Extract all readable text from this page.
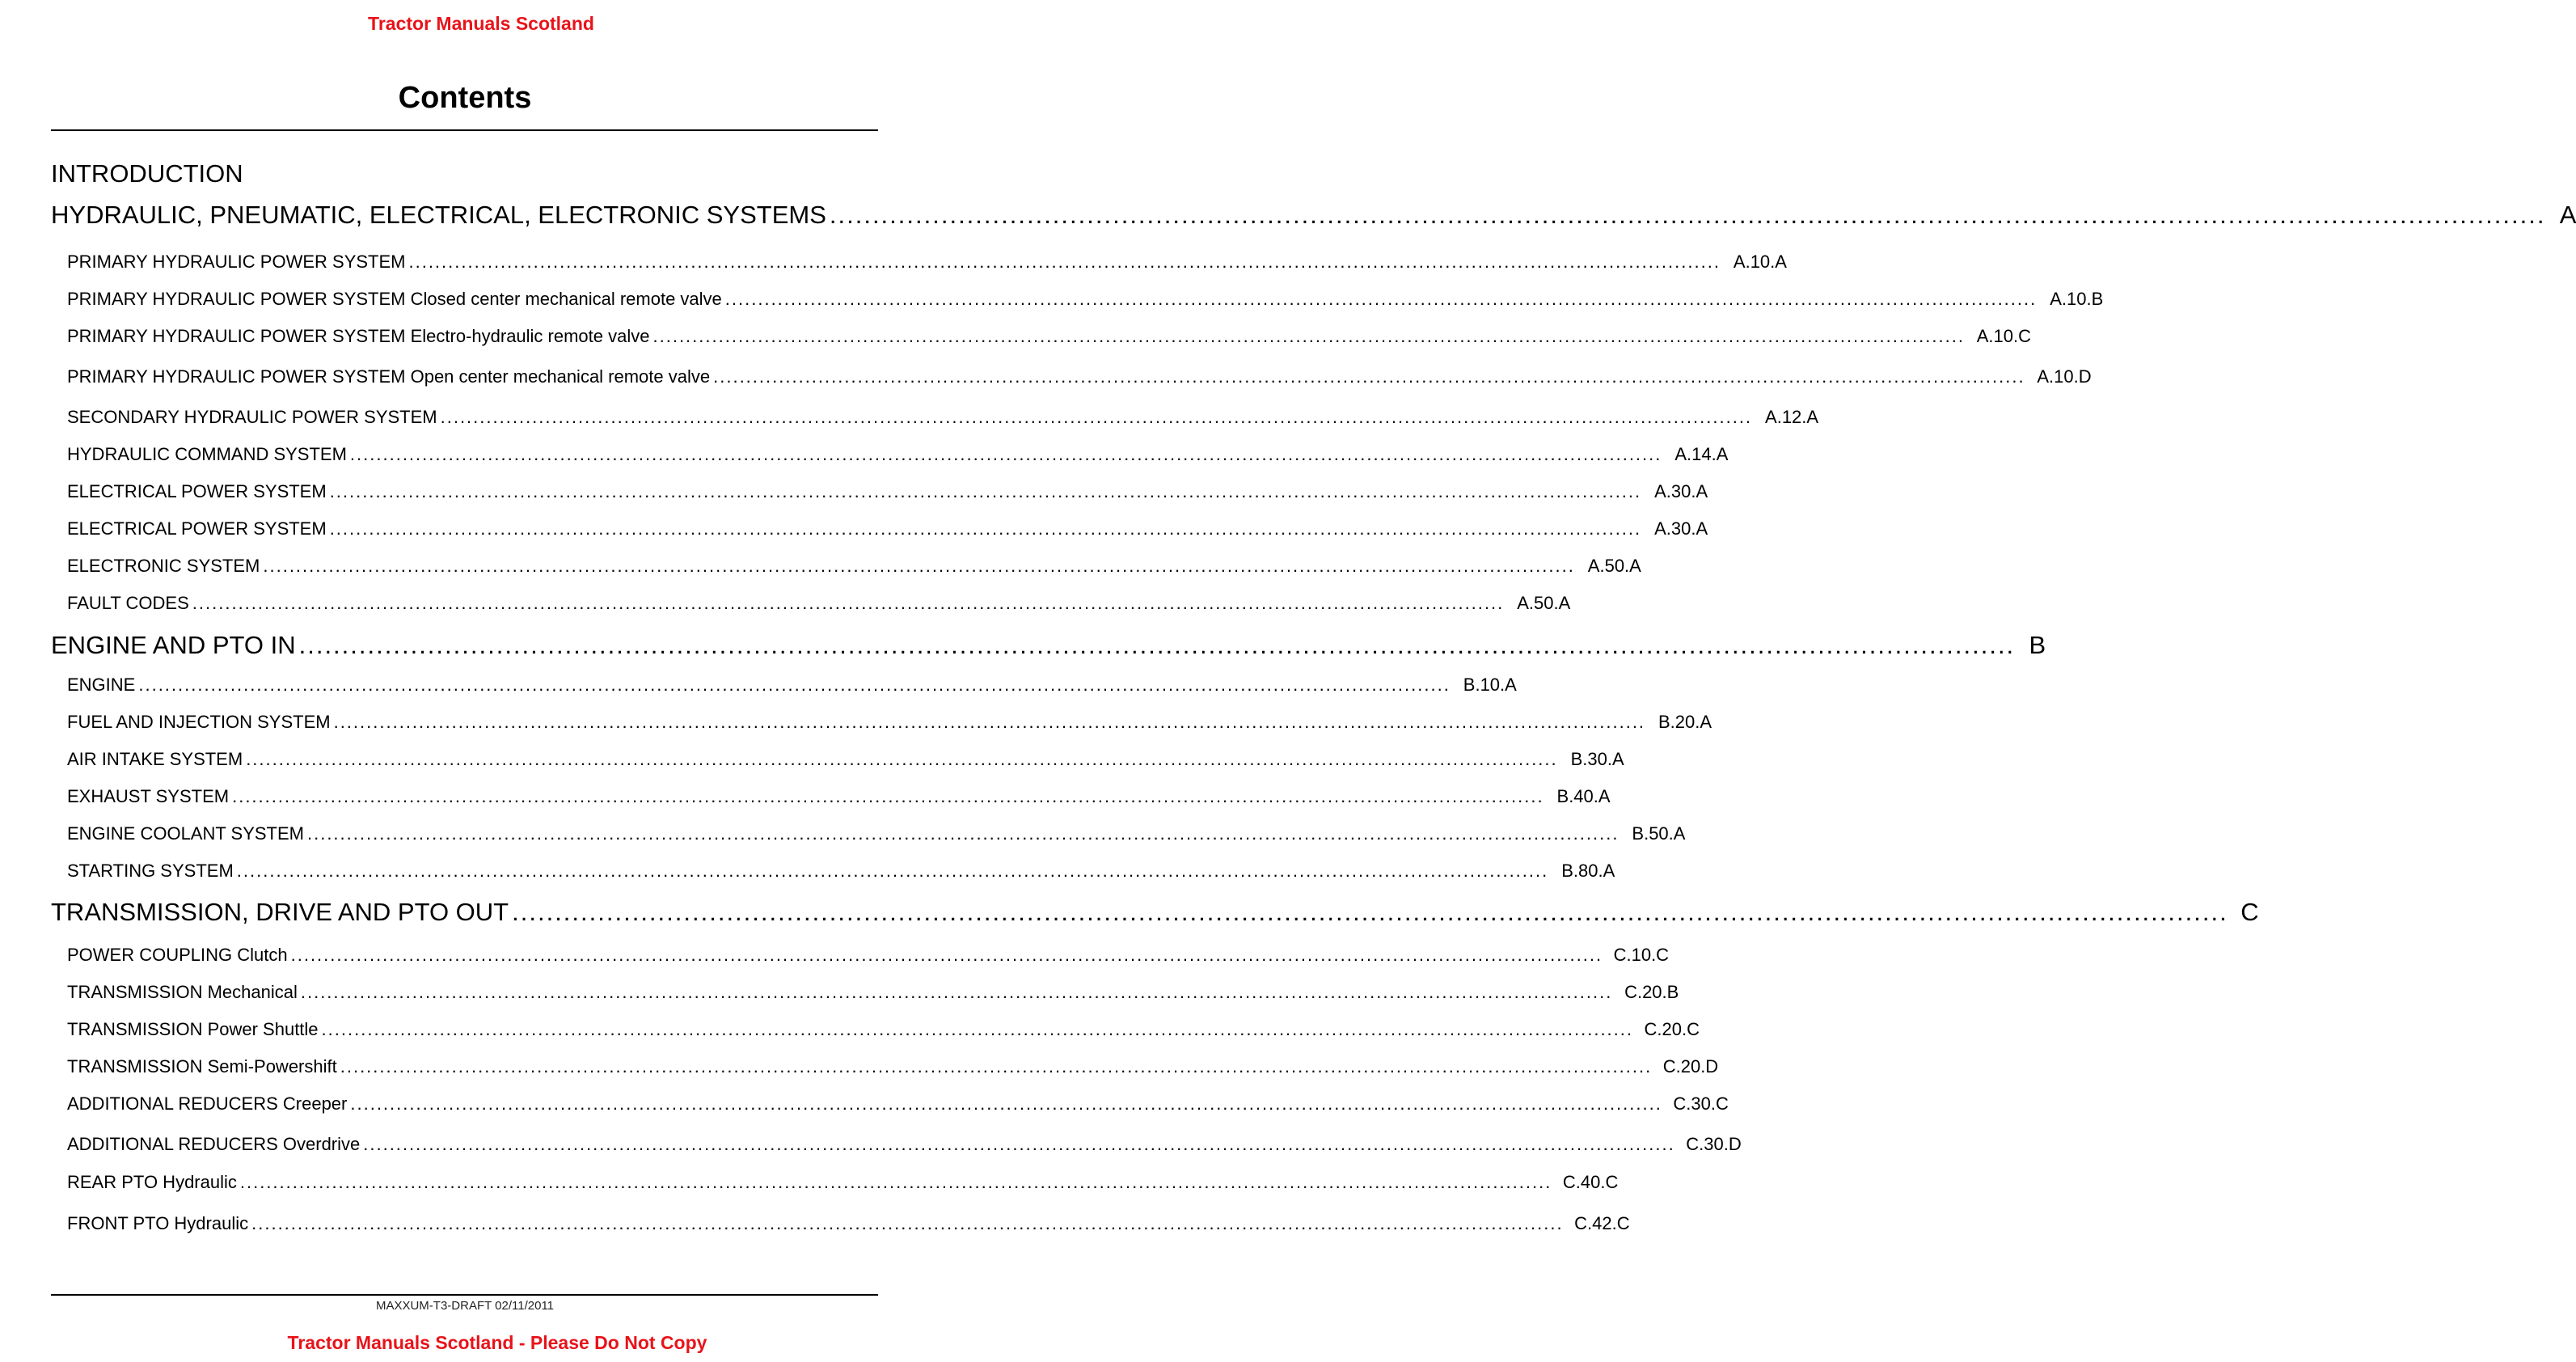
Tractor Manuals Scotland
Contents
INTRODUCTION
HYDRAULIC, PNEUMATIC, ELECTRICAL, ELECTRONIC SYSTEMS ........................................................................................................................................................................................................ A
PRIMARY HYDRAULIC POWER SYSTEM ........................................................................................................................................................................................................ A.10.A
PRIMARY HYDRAULIC POWER SYSTEM Closed center mechanical remote valve ........................................................................................................................................................................................................ A.10.B
PRIMARY HYDRAULIC POWER SYSTEM Electro-hydraulic remote valve ........................................................................................................................................................................................................ A.10.C
PRIMARY HYDRAULIC POWER SYSTEM Open center mechanical remote valve ........................................................................................................................................................................................................ A.10.D
SECONDARY HYDRAULIC POWER SYSTEM ........................................................................................................................................................................................................ A.12.A
HYDRAULIC COMMAND SYSTEM ........................................................................................................................................................................................................ A.14.A
ELECTRICAL POWER SYSTEM ........................................................................................................................................................................................................ A.30.A
ELECTRICAL POWER SYSTEM ........................................................................................................................................................................................................ A.30.A
ELECTRONIC SYSTEM ........................................................................................................................................................................................................ A.50.A
FAULT CODES ........................................................................................................................................................................................................ A.50.A
ENGINE AND PTO IN ........................................................................................................................................................................................................ B
ENGINE ........................................................................................................................................................................................................ B.10.A
FUEL AND INJECTION SYSTEM ........................................................................................................................................................................................................ B.20.A
AIR INTAKE SYSTEM ........................................................................................................................................................................................................ B.30.A
EXHAUST SYSTEM ........................................................................................................................................................................................................ B.40.A
ENGINE COOLANT SYSTEM ........................................................................................................................................................................................................ B.50.A
STARTING SYSTEM ........................................................................................................................................................................................................ B.80.A
TRANSMISSION, DRIVE AND PTO OUT ........................................................................................................................................................................................................ C
POWER COUPLING Clutch ........................................................................................................................................................................................................ C.10.C
TRANSMISSION Mechanical ........................................................................................................................................................................................................ C.20.B
TRANSMISSION Power Shuttle ........................................................................................................................................................................................................ C.20.C
TRANSMISSION Semi-Powershift ........................................................................................................................................................................................................ C.20.D
ADDITIONAL REDUCERS Creeper ........................................................................................................................................................................................................ C.30.C
ADDITIONAL REDUCERS Overdrive ........................................................................................................................................................................................................ C.30.D
REAR PTO Hydraulic ........................................................................................................................................................................................................ C.40.C
FRONT PTO Hydraulic ........................................................................................................................................................................................................ C.42.C
MAXXUM-T3-DRAFT 02/11/2011
Tractor Manuals Scotland - Please Do Not Copy
